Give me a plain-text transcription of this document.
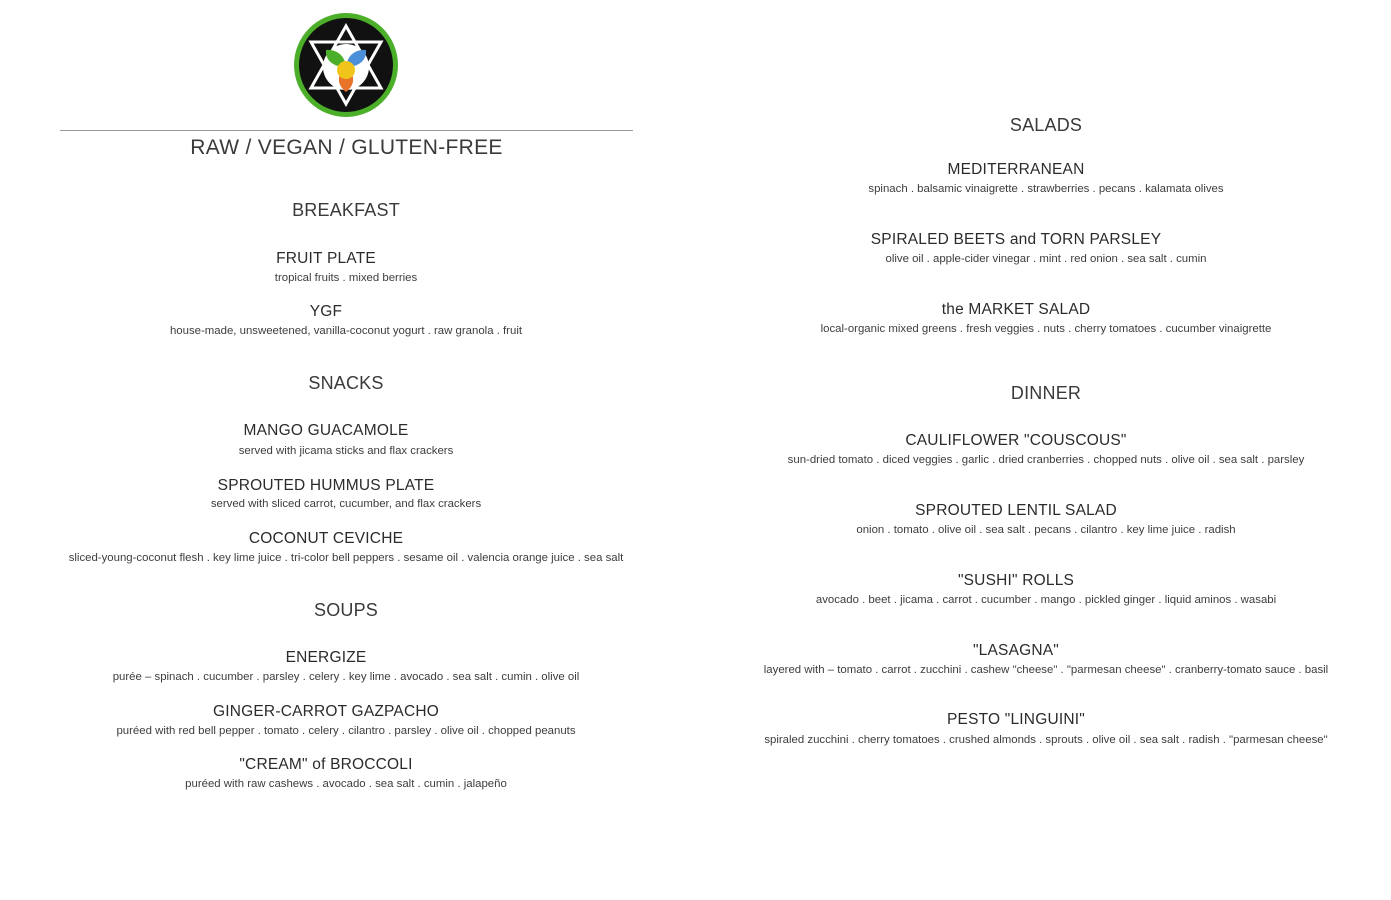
RAW / VEGAN / GLUTEN-FREE
BREAKFAST
FRUIT PLATE
tropical fruits . mixed berries
YGF
house-made, unsweetened, vanilla-coconut yogurt . raw granola . fruit
SNACKS
MANGO GUACAMOLE
served with jicama sticks and flax crackers
SPROUTED HUMMUS PLATE
served with sliced carrot, cucumber, and flax crackers
COCONUT CEVICHE
sliced-young-coconut flesh . key lime juice . tri-color bell peppers . sesame oil . valencia orange juice . sea salt
SOUPS
ENERGIZE
purée – spinach . cucumber . parsley . celery . key lime . avocado . sea salt . cumin . olive oil
GINGER-CARROT GAZPACHO
puréed with red bell pepper . tomato . celery . cilantro . parsley . olive oil . chopped peanuts
"CREAM" of BROCCOLI
puréed with raw cashews . avocado . sea salt . cumin . jalapeño
SALADS
MEDITERRANEAN
spinach . balsamic vinaigrette . strawberries . pecans . kalamata olives
SPIRALED BEETS and TORN PARSLEY
olive oil . apple-cider vinegar . mint . red onion . sea salt . cumin
the MARKET SALAD
local-organic mixed greens . fresh veggies . nuts . cherry tomatoes . cucumber vinaigrette
DINNER
CAULIFLOWER "COUSCOUS"
sun-dried tomato . diced veggies . garlic . dried cranberries . chopped nuts . olive oil . sea salt . parsley
SPROUTED LENTIL SALAD
onion . tomato . olive oil . sea salt . pecans . cilantro . key lime juice . radish
"SUSHI" ROLLS
avocado . beet . jicama . carrot . cucumber . mango . pickled ginger . liquid aminos . wasabi
"LASAGNA"
layered with – tomato . carrot . zucchini . cashew "cheese" . "parmesan cheese" . cranberry-tomato sauce . basil
PESTO "LINGUINI"
spiraled zucchini . cherry tomatoes . crushed almonds . sprouts . olive oil . sea salt . radish . "parmesan cheese"
